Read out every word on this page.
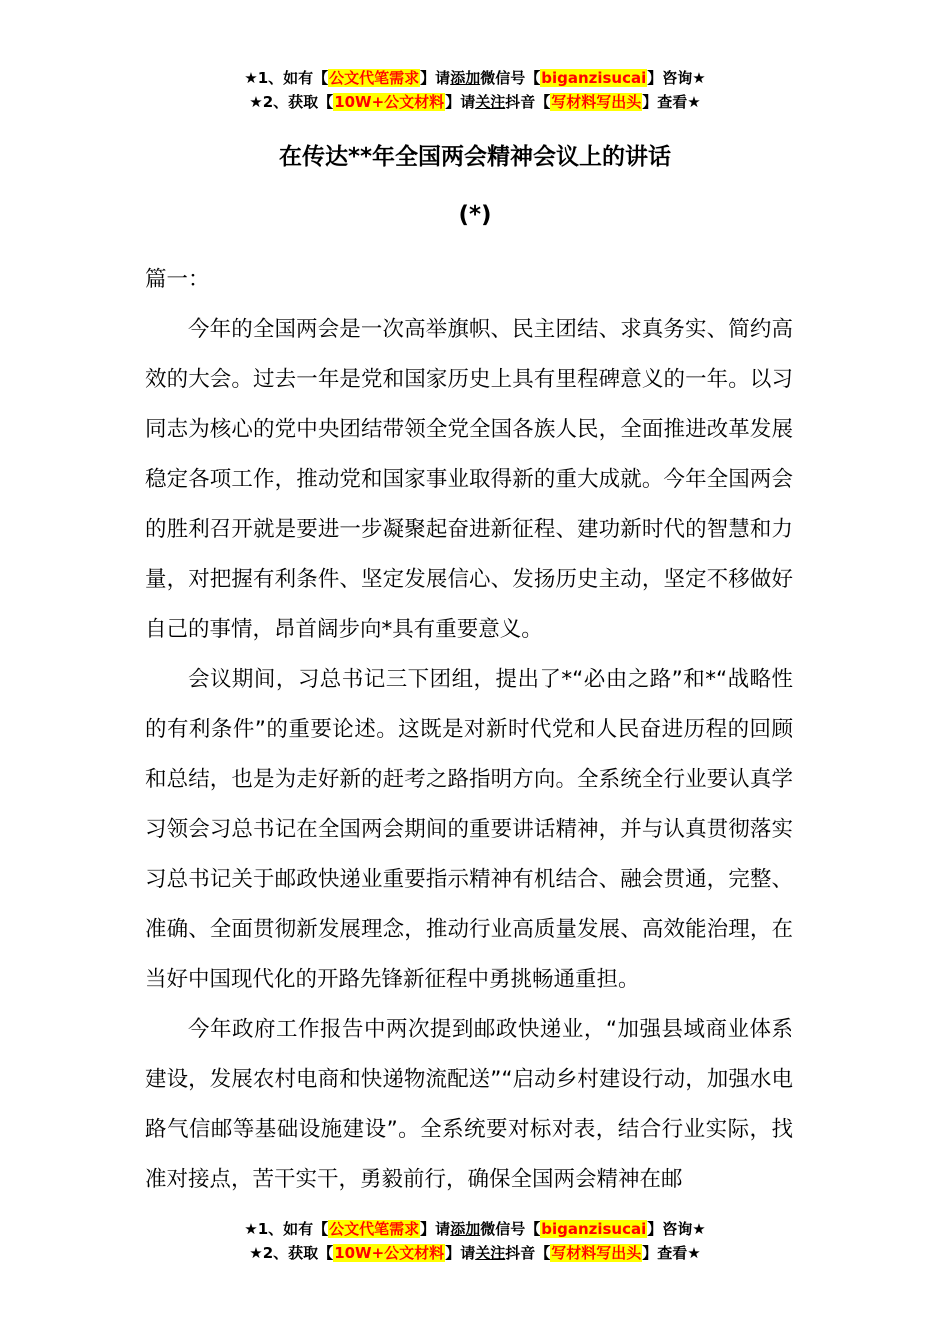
★1、如有【公文代笔需求】请添加微信号【biganzisucai】咨询★
★2、获取【10W+公文材料】请关注抖音【写材料写出头】查看★
在传达**年全国两会精神会议上的讲话
(*)

篇一：

今年的全国两会是一次高举旗帜、民主团结、求真务实、简约高效的大会。过去一年是党和国家历史上具有里程碑意义的一年。以习同志为核心的党中央团结带领全党全国各族人民，全面推进改革发展稳定各项工作，推动党和国家事业取得新的重大成就。今年全国两会的胜利召开就是要进一步凝聚起奋进新征程、建功新时代的智慧和力量，对把握有利条件、坚定发展信心、发扬历史主动，坚定不移做好自己的事情，昂首阔步向*具有重要意义。

会议期间，习总书记三下团组，提出了*“必由之路”和*“战略性的有利条件”的重要论述。这既是对新时代党和人民奋进历程的回顾和总结，也是为走好新的赶考之路指明方向。全系统全行业要认真学习领会习总书记在全国两会期间的重要讲话精神，并与认真贯彻落实习总书记关于邮政快递业重要指示精神有机结合、融会贯通，完整、准确、全面贯彻新发展理念，推动行业高质量发展、高效能治理，在当好中国现代化的开路先锋新征程中勇挑畅通重担。

今年政府工作报告中两次提到邮政快递业，“加强县域商业体系建设，发展农村电商和快递物流配送”“启动乡村建设行动，加强水电路气信邮等基础设施建设”。全系统要对标对表，结合行业实际，找准对接点，苦干实干，勇毅前行，确保全国两会精神在邮

★1、如有【公文代笔需求】请添加微信号【biganzisucai】咨询★
★2、获取【10W+公文材料】请关注抖音【写材料写出头】查看★
